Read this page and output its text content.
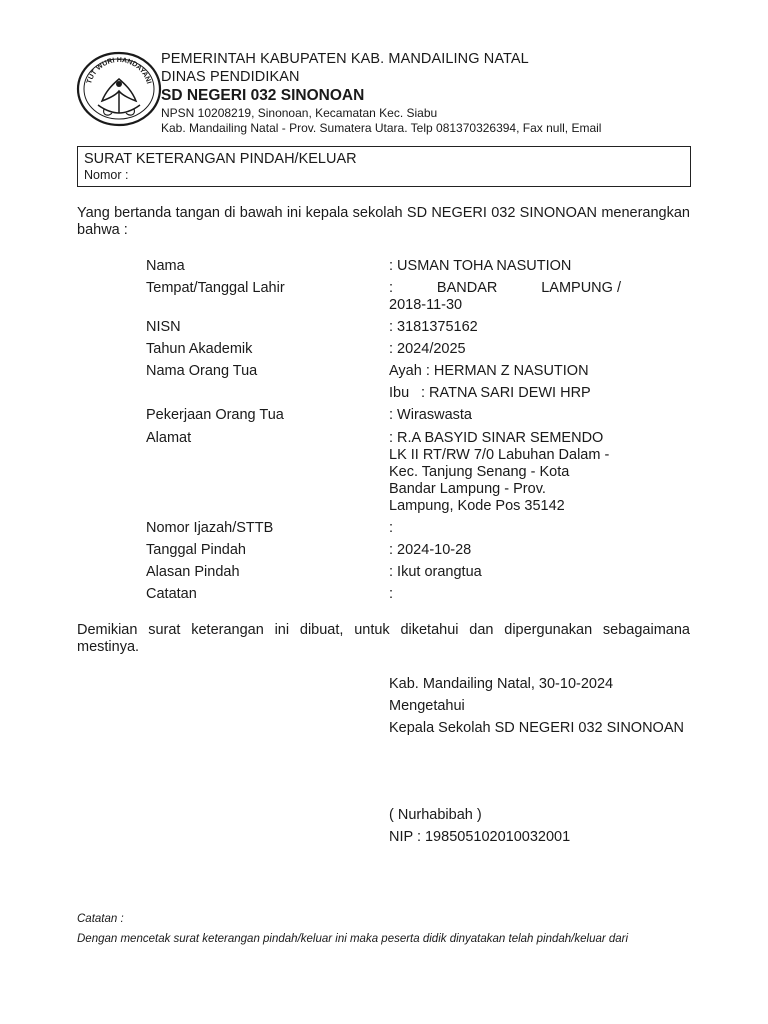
TUT WURI HANDAYANI
PEMERINTAH KABUPATEN KAB. MANDAILING NATAL
DINAS PENDIDIKAN
SD NEGERI 032 SINONOAN
NPSN 10208219, Sinonoan, Kecamatan Kec. Siabu
Kab. Mandailing Natal - Prov. Sumatera Utara. Telp 081370326394, Fax null, Email
SURAT KETERANGAN PINDAH/KELUAR
Nomor :
Yang bertanda tangan di bawah ini kepala sekolah SD NEGERI 032 SINONOAN menerangkan bahwa :
Nama	: USMAN TOHA NASUTION
Tempat/Tanggal Lahir	:	BANDAR	LAMPUNG /
2018-11-30
NISN	: 3181375162
Tahun Akademik	: 2024/2025
Nama Orang Tua	Ayah : HERMAN Z NASUTION
Ibu : RATNA SARI DEWI HRP
Pekerjaan Orang Tua	: Wiraswasta
Alamat	: R.A BASYID SINAR SEMENDO
LK II RT/RW 7/0 Labuhan Dalam -
Kec. Tanjung Senang - Kota
Bandar Lampung - Prov.
Lampung, Kode Pos 35142
Nomor Ijazah/STTB	:
Tanggal Pindah	: 2024-10-28
Alasan Pindah	: Ikut orangtua
Catatan	:
Demikian surat keterangan ini dibuat, untuk diketahui dan dipergunakan sebagaimana mestinya.
Kab. Mandailing Natal, 30-10-2024
Mengetahui
Kepala Sekolah SD NEGERI 032 SINONOAN
( Nurhabibah )
NIP : 198505102010032001
Catatan :
Dengan mencetak surat keterangan pindah/keluar ini maka peserta didik dinyatakan telah pindah/keluar dari
